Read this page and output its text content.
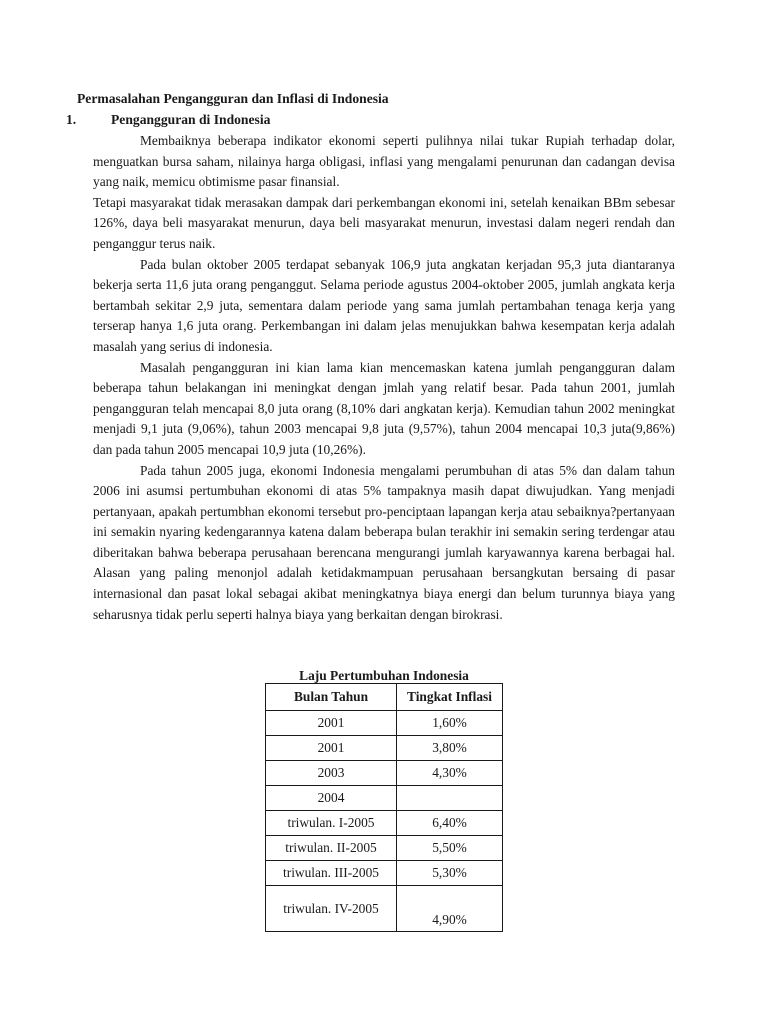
Permasalahan Pengangguran dan Inflasi di Indonesia
1.	Pengangguran di Indonesia

Membaiknya beberapa indikator ekonomi seperti pulihnya nilai tukar Rupiah terhadap dolar, menguatkan bursa saham, nilainya harga obligasi, inflasi yang mengalami penurunan dan cadangan devisa yang naik, memicu obtimisme pasar finansial.

Tetapi masyarakat tidak merasakan dampak dari perkembangan ekonomi ini, setelah kenaikan BBm sebesar 126%, daya beli masyarakat menurun, daya beli masyarakat menurun, investasi dalam negeri rendah dan penganggur terus naik.

Pada bulan oktober 2005 terdapat sebanyak 106,9 juta angkatan kerjadan 95,3 juta diantaranya bekerja serta 11,6 juta orang penganggut. Selama periode agustus 2004-oktober 2005, jumlah angkata kerja bertambah sekitar 2,9 juta, sementara dalam periode yang sama jumlah pertambahan tenaga kerja yang terserap hanya 1,6 juta orang. Perkembangan ini dalam jelas menujukkan bahwa kesempatan kerja adalah masalah yang serius di indonesia.

Masalah pengangguran ini kian lama kian mencemaskan katena jumlah pengangguran dalam beberapa tahun belakangan ini meningkat dengan jmlah yang relatif besar. Pada tahun 2001, jumlah pengangguran telah mencapai 8,0 juta orang (8,10% dari angkatan kerja). Kemudian tahun 2002 meningkat menjadi 9,1 juta (9,06%), tahun 2003 mencapai 9,8 juta (9,57%), tahun 2004 mencapai 10,3 juta(9,86%) dan pada tahun 2005 mencapai 10,9 juta (10,26%).

Pada tahun 2005 juga, ekonomi Indonesia mengalami perumbuhan di atas 5% dan dalam tahun 2006 ini asumsi pertumbuhan ekonomi di atas 5% tampaknya masih dapat diwujudkan. Yang menjadi pertanyaan, apakah pertumbhan ekonomi tersebut pro-penciptaan lapangan kerja atau sebaiknya?pertanyaan ini semakin nyaring kedengarannya katena dalam beberapa bulan terakhir ini semakin sering terdengar atau diberitakan bahwa beberapa perusahaan berencana mengurangi jumlah karyawannya karena berbagai hal. Alasan yang paling menonjol adalah ketidakmampuan perusahaan bersangkutan bersaing di pasar internasional dan pasat lokal sebagai akibat meningkatnya biaya energi dan belum turunnya biaya yang seharusnya tidak perlu seperti halnya biaya yang berkaitan dengan birokrasi.

Laju Pertumbuhan Indonesia
Bulan Tahun	Tingkat Inflasi
2001	1,60%
2001	3,80%
2003	4,30%
2004	
triwulan. I-2005	6,40%
triwulan. II-2005	5,50%
triwulan. III-2005	5,30%
triwulan. IV-2005	4,90%
